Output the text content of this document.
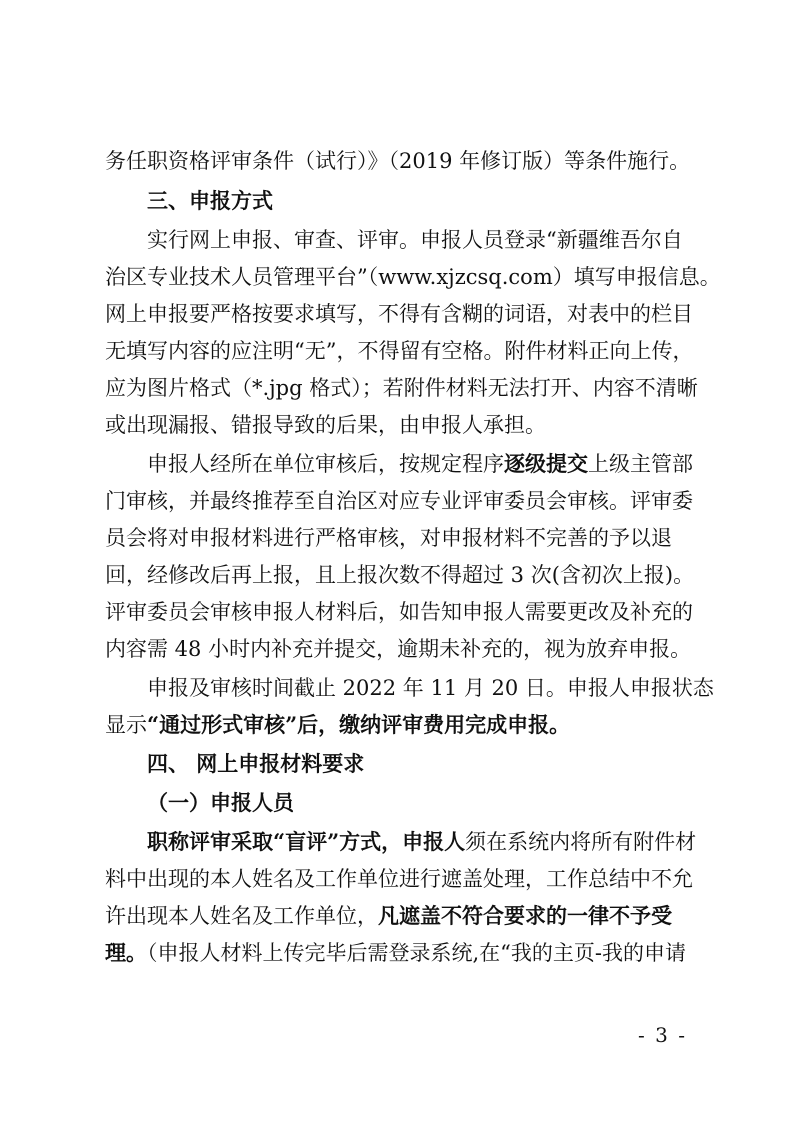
务任职资格评审条件（试行）》（2019 年修订版）等条件施行。
三、申报方式
实行网上申报、审查、评审。申报人员登录“新疆维吾尔自
治区专业技术人员管理平台”（www.xjzcsq.com）填写申报信息。
网上申报要严格按要求填写，不得有含糊的词语，对表中的栏目
无填写内容的应注明“无”，不得留有空格。附件材料正向上传，
应为图片格式（*.jpg 格式）；若附件材料无法打开、内容不清晰
或出现漏报、错报导致的后果，由申报人承担。
申报人经所在单位审核后，按规定程序逐级提交上级主管部
门审核，并最终推荐至自治区对应专业评审委员会审核。评审委
员会将对申报材料进行严格审核，对申报材料不完善的予以退
回，经修改后再上报，且上报次数不得超过 3 次(含初次上报)。
评审委员会审核申报人材料后，如告知申报人需要更改及补充的
内容需 48 小时内补充并提交，逾期未补充的，视为放弃申报。
申报及审核时间截止 2022 年 11 月 20 日。申报人申报状态
显示“通过形式审核”后，缴纳评审费用完成申报。
四、 网上申报材料要求
（一）申报人员
职称评审采取“盲评”方式，申报人须在系统内将所有附件材
料中出现的本人姓名及工作单位进行遮盖处理，工作总结中不允
许出现本人姓名及工作单位，凡遮盖不符合要求的一律不予受
理。（申报人材料上传完毕后需登录系统,在“我的主页-我的申请
- 3 -
